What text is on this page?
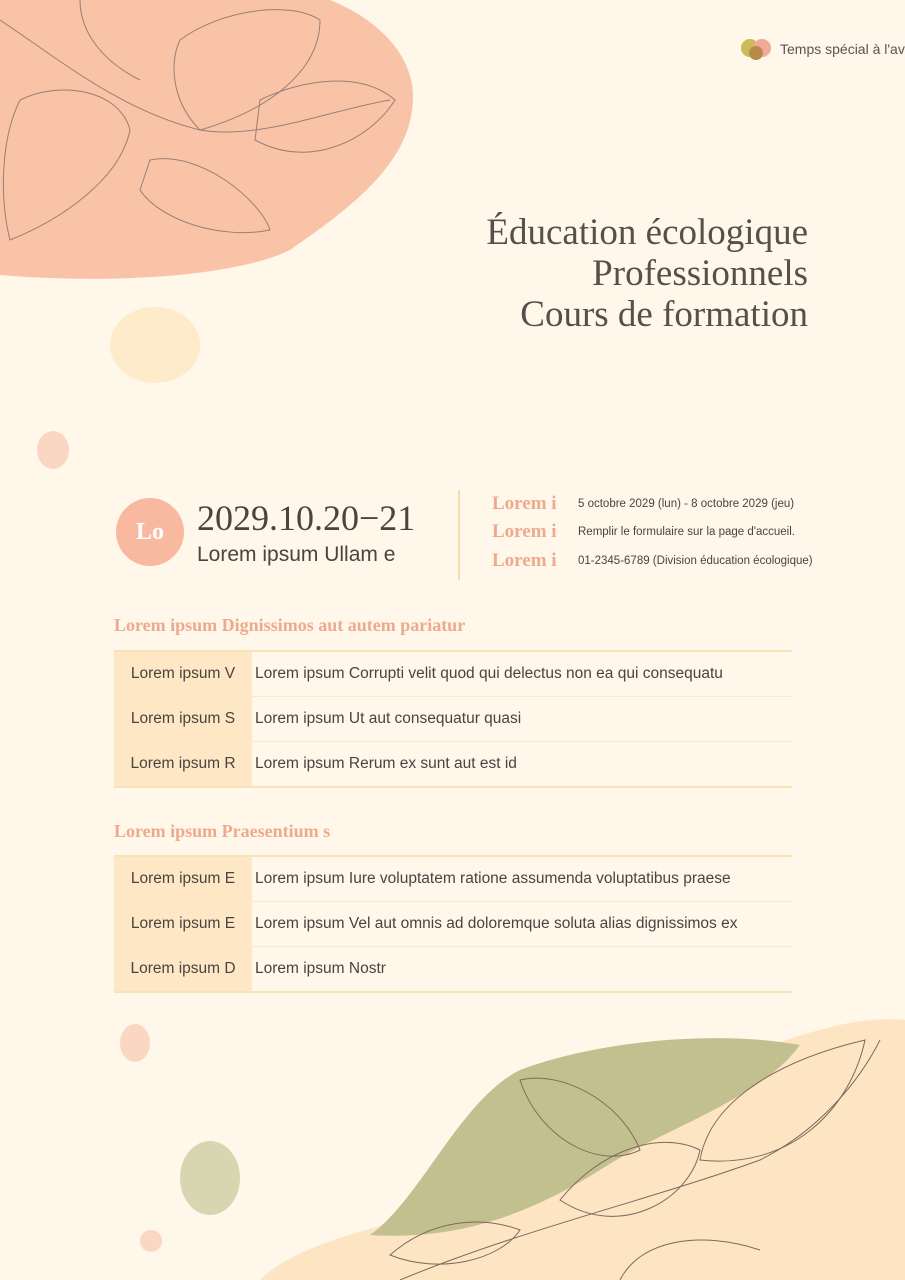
Temps spécial à l'av
Éducation écologique
Professionnels
Cours de formation
Lo 2029.10.20−21
Lorem ipsum Ullam e
Lorem i	5 octobre 2029 (lun) - 8 octobre 2029 (jeu)
Lorem i	Remplir le formulaire sur la page d'accueil.
Lorem i	01-2345-6789 (Division éducation écologique)
Lorem ipsum Dignissimos aut autem pariatur
Lorem ipsum V	Lorem ipsum Corrupti velit quod qui delectus non ea qui consequatu
Lorem ipsum S	Lorem ipsum Ut aut consequatur quasi
Lorem ipsum R	Lorem ipsum Rerum ex sunt aut est id
Lorem ipsum Praesentium s
Lorem ipsum E	Lorem ipsum Iure voluptatem ratione assumenda voluptatibus praese
Lorem ipsum E	Lorem ipsum Vel aut omnis ad doloremque soluta alias dignissimos ex
Lorem ipsum D	Lorem ipsum Nostr
